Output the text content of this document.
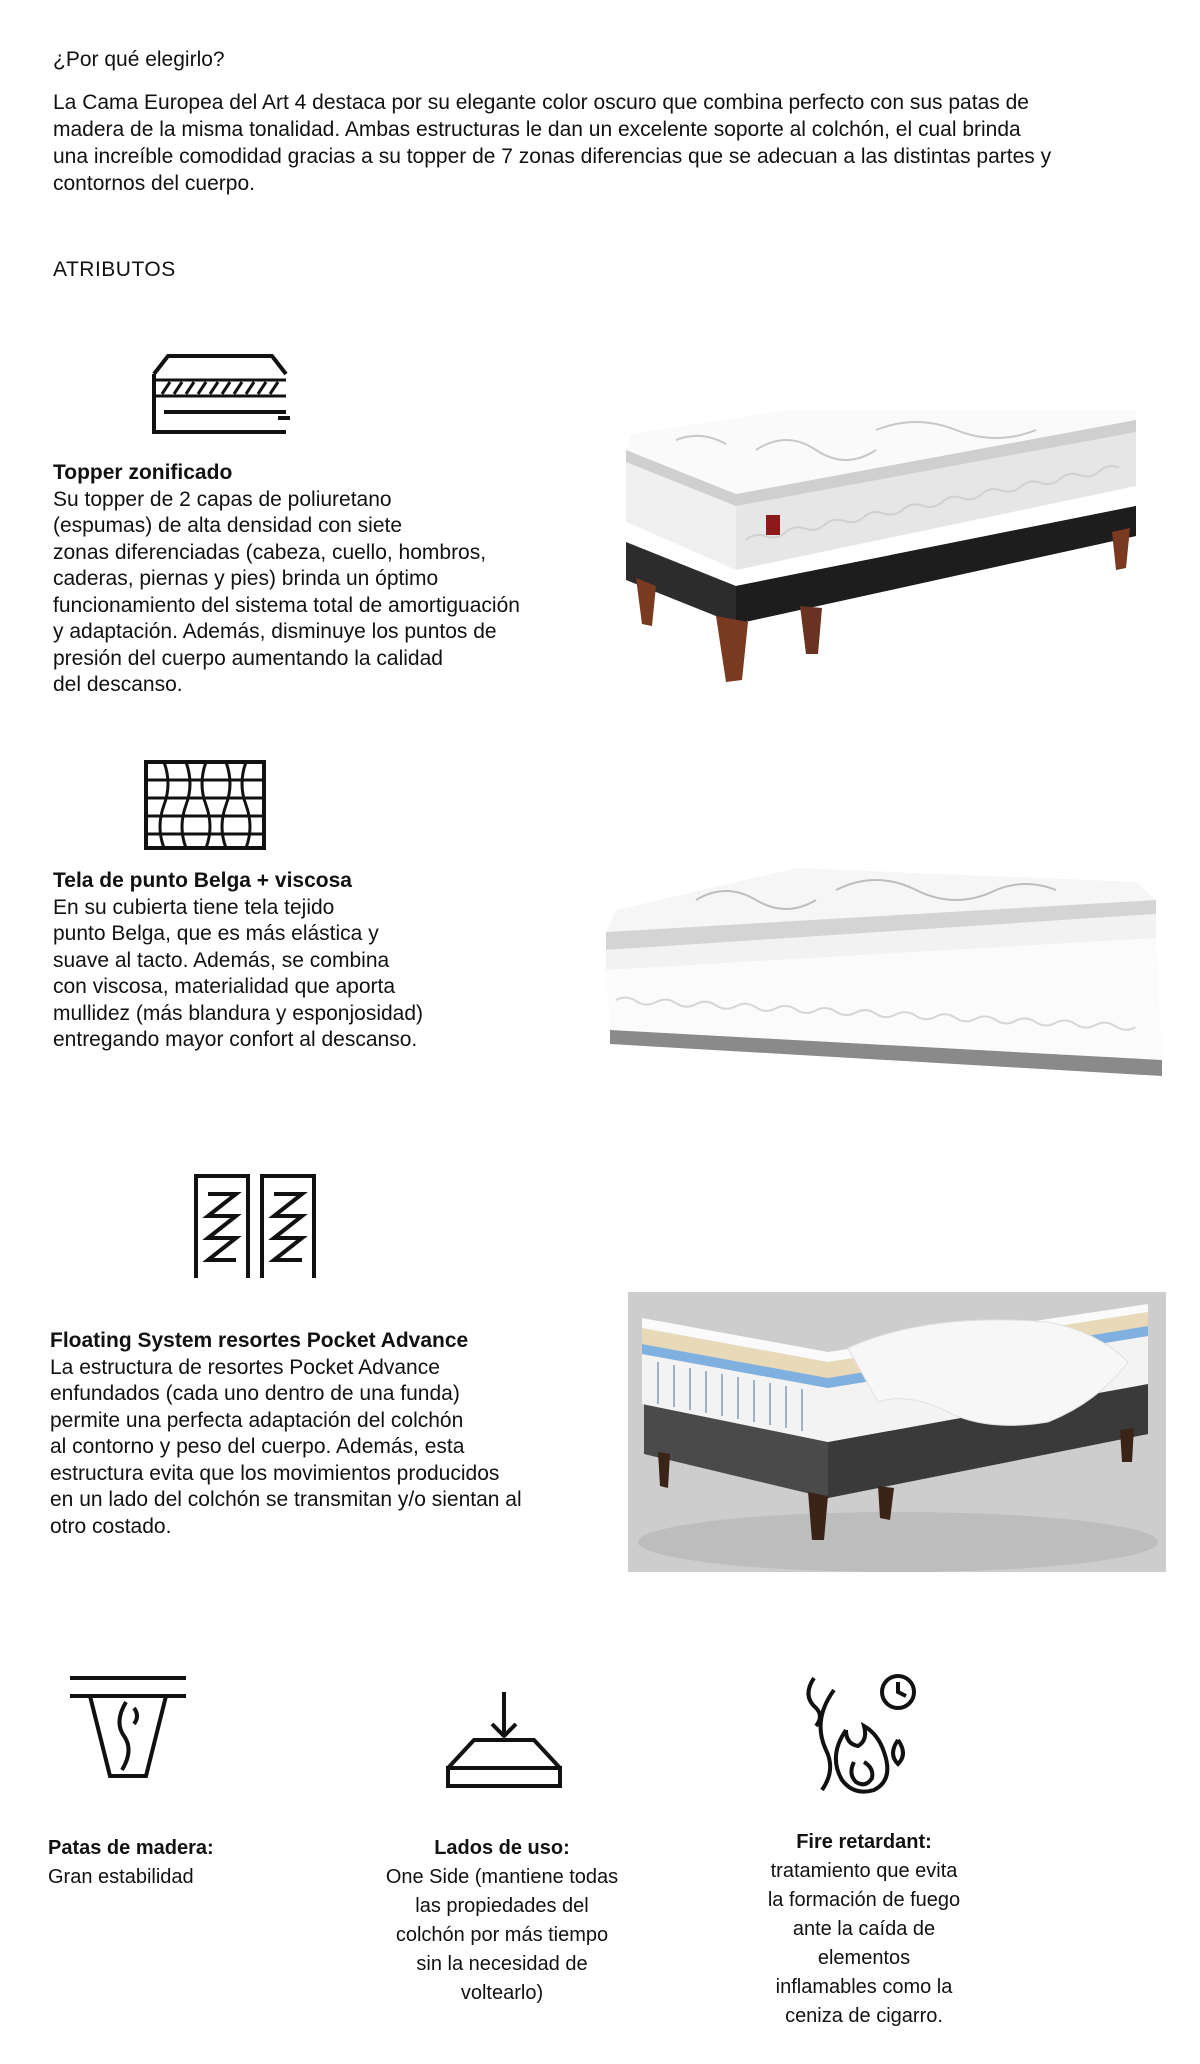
¿Por qué elegirlo?
La Cama Europea del Art 4 destaca por su elegante color oscuro que combina perfecto con sus patas de madera de la misma tonalidad. Ambas estructuras le dan un excelente soporte al colchón, el cual brinda una increíble comodidad gracias a su topper de 7 zonas diferencias que se adecuan a las distintas partes y contornos del cuerpo.
ATRIBUTOS
Topper zonificado
Su topper de 2 capas de poliuretano
(espumas) de alta densidad con siete
zonas diferenciadas (cabeza, cuello, hombros,
caderas, piernas y pies) brinda un óptimo
funcionamiento del sistema total de amortiguación
y adaptación. Además, disminuye los puntos de
presión del cuerpo aumentando la calidad
del descanso.
Tela de punto Belga + viscosa
En su cubierta tiene tela tejido
punto Belga, que es más elástica y
suave al tacto. Además, se combina
con viscosa, materialidad que aporta
mullidez (más blandura y esponjosidad)
entregando mayor confort al descanso.
Floating System resortes Pocket Advance
La estructura de resortes Pocket Advance
enfundados (cada uno dentro de una funda)
permite una perfecta adaptación del colchón
al contorno y peso del cuerpo. Además, esta
estructura evita que los movimientos producidos
en un lado del colchón se transmitan y/o sientan al
otro costado.
Patas de madera:
Gran estabilidad
Lados de uso:
One Side (mantiene todas
las propiedades del
colchón por más tiempo
sin la necesidad de
voltearlo)
Fire retardant:
tratamiento que evita
la formación de fuego
ante la caída de
elementos
inflamables como la
ceniza de cigarro.
